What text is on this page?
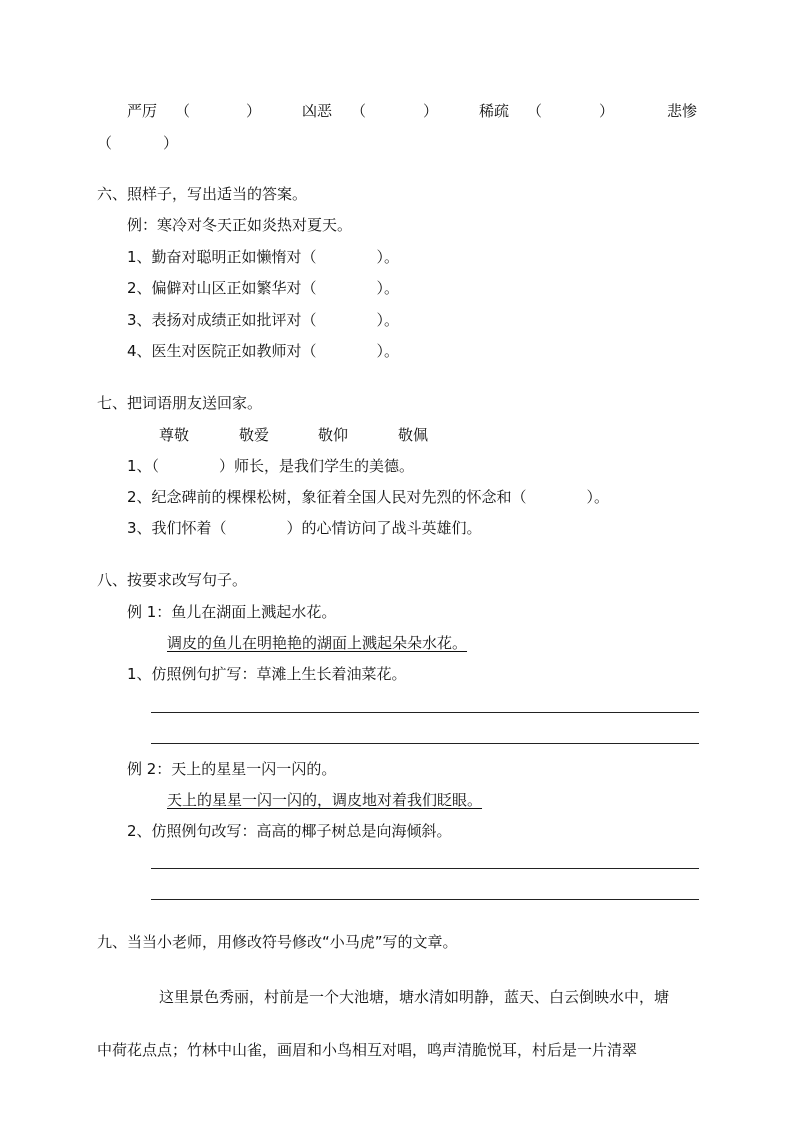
严厉 （	）	凶恶 （	）	稀疏 （	）	悲惨
（	）
六、照样子，写出适当的答案。
例：寒冷对冬天正如炎热对夏天。
1、勤奋对聪明正如懒惰对（　　　　）。
2、偏僻对山区正如繁华对（　　　　）。
3、表扬对成绩正如批评对（　　　　）。
4、医生对医院正如教师对（　　　　）。
七、把词语朋友送回家。
尊敬	敬爱	敬仰	敬佩
1、（　　　　）师长，是我们学生的美德。
2、纪念碑前的棵棵松树，象征着全国人民对先烈的怀念和（　　　　）。
3、我们怀着（　　　　）的心情访问了战斗英雄们。
八、按要求改写句子。
例 1：鱼儿在湖面上溅起水花。
调皮的鱼儿在明艳艳的湖面上溅起朵朵水花。
1、仿照例句扩写：草滩上生长着油菜花。
例 2：天上的星星一闪一闪的。
天上的星星一闪一闪的，调皮地对着我们眨眼。
2、仿照例句改写：高高的椰子树总是向海倾斜。
九、当当小老师，用修改符号修改“小马虎”写的文章。
这里景色秀丽，村前是一个大池塘，塘水清如明静，蓝天、白云倒映水中，塘
中荷花点点；竹林中山雀，画眉和小鸟相互对唱，鸣声清脆悦耳，村后是一片清翠
